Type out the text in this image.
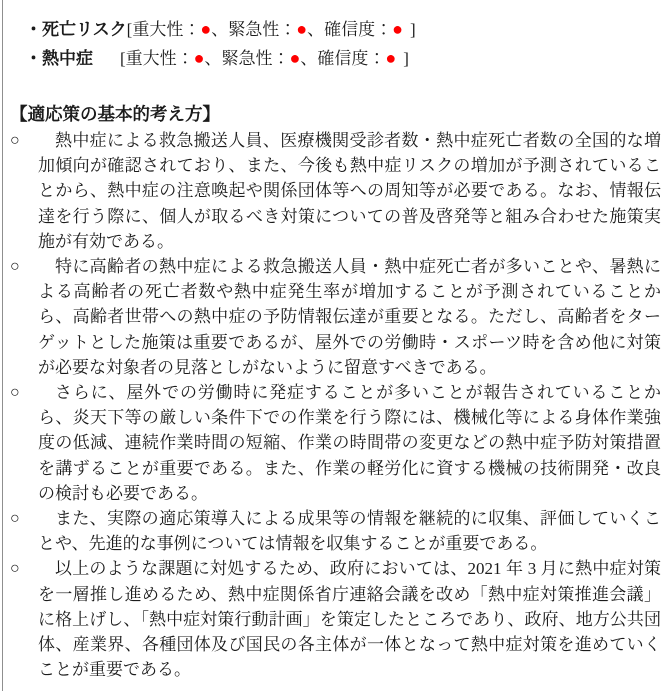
・死亡リスク [重大性：●、緊急性：●、確信度：● ]
・熱中症	[重大性：●、緊急性：●、確信度：● ]
【適応策の基本的考え方】
○ 熱中症による救急搬送人員、医療機関受診者数・熱中症死亡者数の全国的な増加傾向が確認されており、また、今後も熱中症リスクの増加が予測されていることから、熱中症の注意喚起や関係団体等への周知等が必要である。なお、情報伝達を行う際に、個人が取るべき対策についての普及啓発等と組み合わせた施策実施が有効である。
○ 特に高齢者の熱中症による救急搬送人員・熱中症死亡者が多いことや、暑熱による高齢者の死亡者数や熱中症発生率が増加することが予測されていることから、高齢者世帯への熱中症の予防情報伝達が重要となる。ただし、高齢者をターゲットとした施策は重要であるが、屋外での労働時・スポーツ時を含め他に対策が必要な対象者の見落としがないように留意すべきである。
○ さらに、屋外での労働時に発症することが多いことが報告されていることから、炎天下等の厳しい条件下での作業を行う際には、機械化等による身体作業強度の低減、連続作業時間の短縮、作業の時間帯の変更などの熱中症予防対策措置を講ずることが重要である。また、作業の軽労化に資する機械の技術開発・改良の検討も必要である。
○ また、実際の適応策導入による成果等の情報を継続的に収集、評価していくことや、先進的な事例については情報を収集することが重要である。
○ 以上のような課題に対処するため、政府においては、2021 年 3 月に熱中症対策を一層推し進めるため、熱中症関係省庁連絡会議を改め「熱中症対策推進会議」に格上げし、「熱中症対策行動計画」を策定したところであり、政府、地方公共団体、産業界、各種団体及び国民の各主体が一体となって熱中症対策を進めていくことが重要である。
